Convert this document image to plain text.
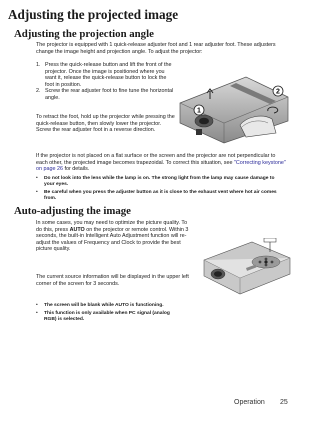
Adjusting the projected image
Adjusting the projection angle
The projector is equipped with 1 quick-release adjuster foot and 1 rear adjuster foot. These adjusters change the image height and projection angle. To adjust the projector:
1. Press the quick-release button and lift the front of the projector. Once the image is positioned where you want it, release the quick-release button to lock the foot in position.
2. Screw the rear adjuster foot to fine tune the horizontal angle.
To retract the foot, hold up the projector while pressing the quick-release button, then slowly lower the projector. Screw the rear adjuster foot in a reverse direction.
1
2
If the projector is not placed on a flat surface or the screen and the projector are not perpendicular to each other, the projected image becomes trapezoidal. To correct this situation, see "Correcting keystone" on page 26 for details.
• Do not look into the lens while the lamp is on. The strong light from the lamp may cause damage to your eyes.
• Be careful when you press the adjuster button as it is close to the exhaust vent where hot air comes from.
Auto-adjusting the image
In some cases, you may need to optimize the picture quality. To do this, press AUTO on the projector or remote control. Within 3 seconds, the built-in Intelligent Auto Adjustment function will re-adjust the values of Frequency and Clock to provide the best picture quality.
The current source information will be displayed in the upper left corner of the screen for 3 seconds.
• The screen will be blank while AUTO is functioning.
• This function is only available when PC signal (analog RGB) is selected.
Operation 25
